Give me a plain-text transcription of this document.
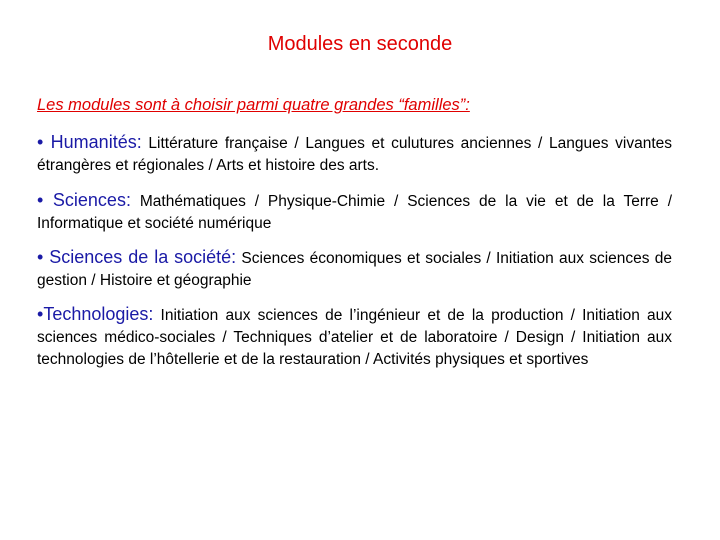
Modules en seconde
Les modules sont à choisir parmi quatre grandes “familles”:
• Humanités: Littérature française / Langues et culutures anciennes / Langues vivantes étrangères et régionales / Arts et histoire des arts.
• Sciences: Mathématiques / Physique-Chimie / Sciences de la vie et de la Terre / Informatique et société numérique
• Sciences de la société: Sciences économiques et sociales / Initiation aux sciences de gestion / Histoire et géographie
•Technologies: Initiation aux sciences de l’ingénieur et de la production / Initiation aux sciences médico-sociales / Techniques d’atelier et de laboratoire / Design / Initiation aux technologies de l’hôtellerie et de la restauration / Activités physiques et sportives
